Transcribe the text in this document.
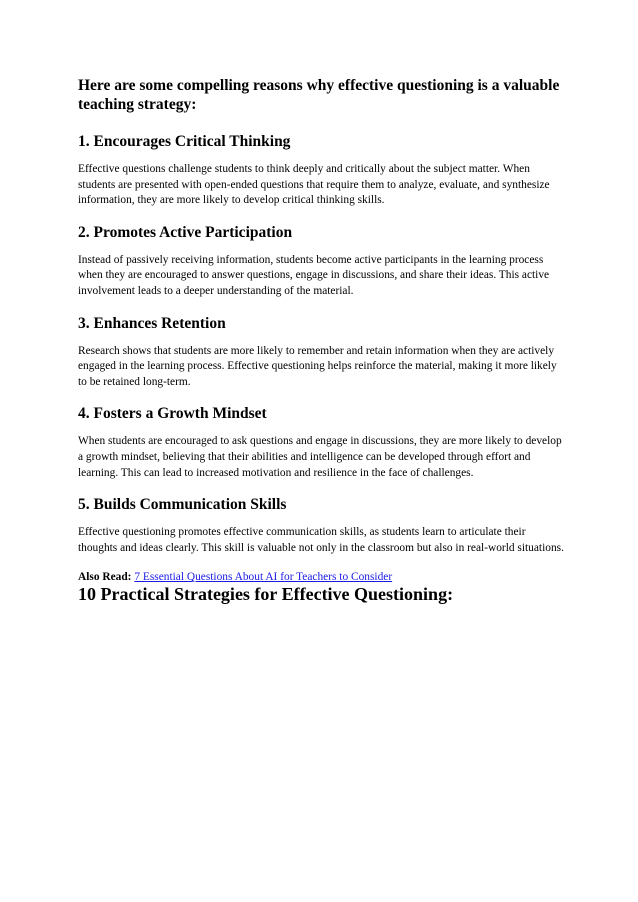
Here are some compelling reasons why effective questioning is a valuable teaching strategy:

1. Encourages Critical Thinking

Effective questions challenge students to think deeply and critically about the subject matter. When students are presented with open-ended questions that require them to analyze, evaluate, and synthesize information, they are more likely to develop critical thinking skills.

2. Promotes Active Participation

Instead of passively receiving information, students become active participants in the learning process when they are encouraged to answer questions, engage in discussions, and share their ideas. This active involvement leads to a deeper understanding of the material.

3. Enhances Retention

Research shows that students are more likely to remember and retain information when they are actively engaged in the learning process. Effective questioning helps reinforce the material, making it more likely to be retained long-term.

4. Fosters a Growth Mindset

When students are encouraged to ask questions and engage in discussions, they are more likely to develop a growth mindset, believing that their abilities and intelligence can be developed through effort and learning. This can lead to increased motivation and resilience in the face of challenges.

5. Builds Communication Skills

Effective questioning promotes effective communication skills, as students learn to articulate their thoughts and ideas clearly. This skill is valuable not only in the classroom but also in real-world situations.

Also Read: 7 Essential Questions About AI for Teachers to Consider

10 Practical Strategies for Effective Questioning:
